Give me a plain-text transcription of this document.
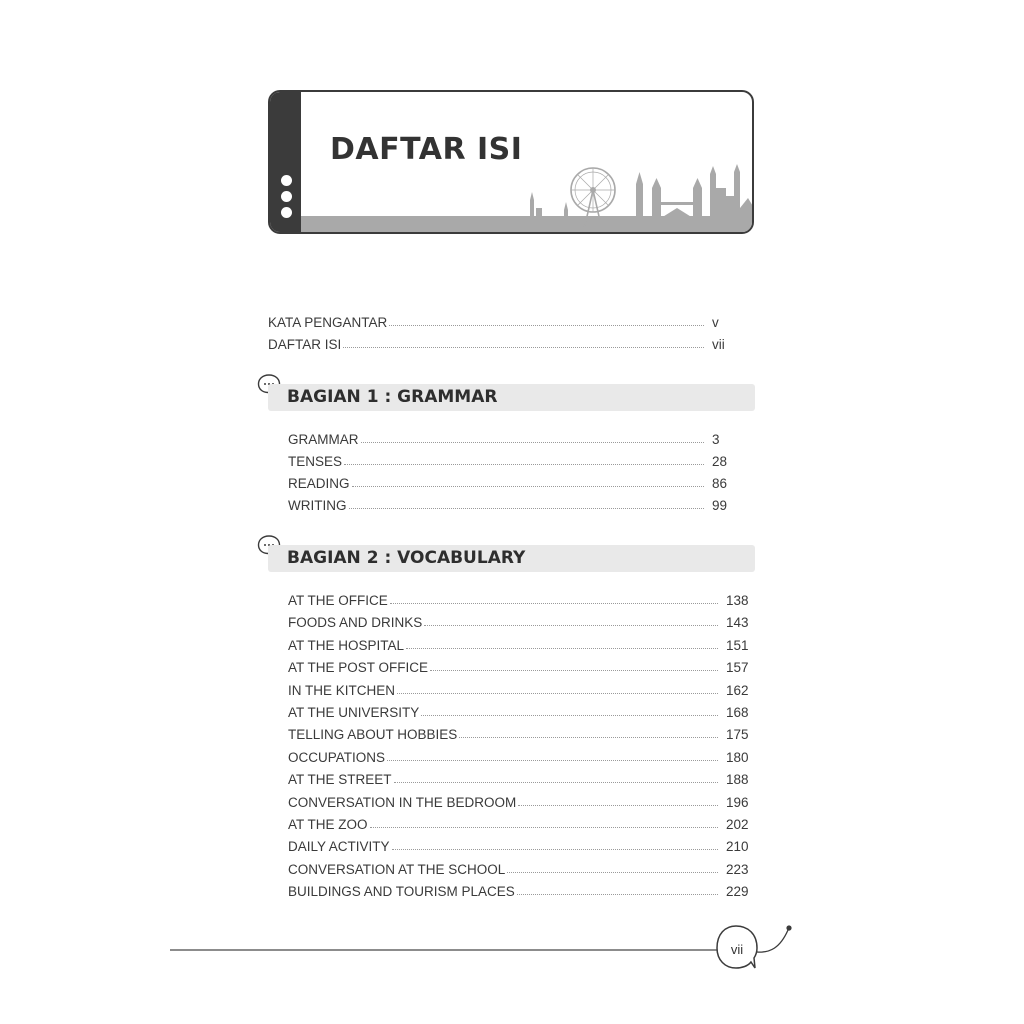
DAFTAR ISI
KATA PENGANTAR	v
DAFTAR ISI	vii
BAGIAN 1 : GRAMMAR
GRAMMAR	3
TENSES	28
READING	86
WRITING	99
BAGIAN 2 : VOCABULARY
AT THE OFFICE	138
FOODS AND DRINKS	143
AT THE HOSPITAL	151
AT THE POST OFFICE	157
IN THE KITCHEN	162
AT THE UNIVERSITY	168
TELLING ABOUT HOBBIES	175
OCCUPATIONS	180
AT THE STREET	188
CONVERSATION IN THE BEDROOM	196
AT THE ZOO	202
DAILY ACTIVITY	210
CONVERSATION AT THE SCHOOL	223
BUILDINGS AND TOURISM PLACES	229
vii
